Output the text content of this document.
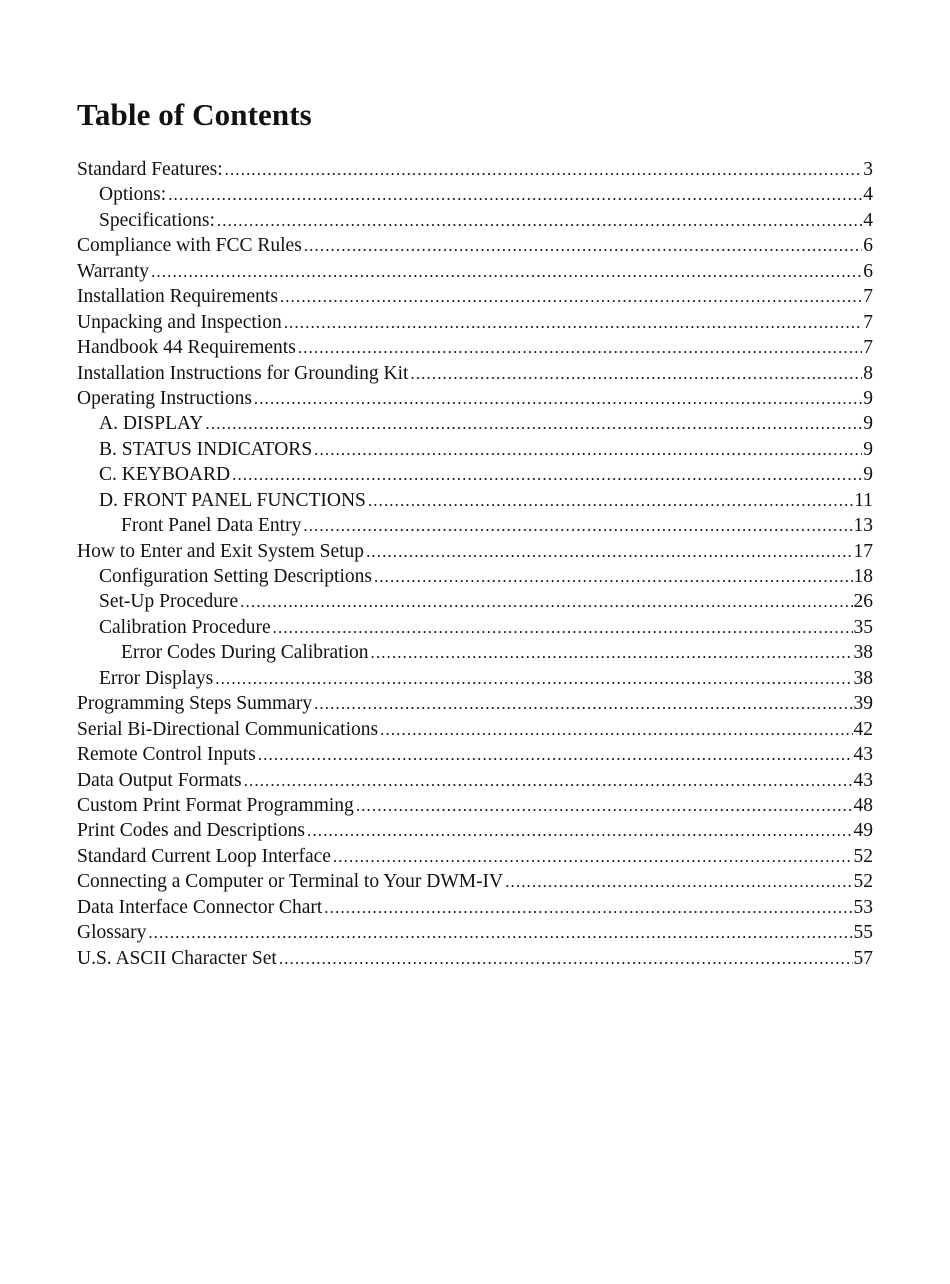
Table of Contents
Standard Features: .....	3
Options: .....	4
Specifications: .....	4
Compliance with FCC Rules .....	6
Warranty .....	6
Installation Requirements .....	7
Unpacking and Inspection .....	7
Handbook 44 Requirements .....	7
Installation Instructions for Grounding Kit .....	8
Operating Instructions .....	9
A. DISPLAY .....	9
B. STATUS INDICATORS .....	9
C. KEYBOARD .....	9
D. FRONT PANEL FUNCTIONS .....	11
Front Panel Data Entry .....	13
How to Enter and Exit System Setup .....	17
Configuration Setting Descriptions .....	18
Set-Up Procedure .....	26
Calibration Procedure .....	35
Error Codes During Calibration .....	38
Error Displays .....	38
Programming Steps Summary .....	39
Serial Bi-Directional Communications .....	42
Remote Control Inputs .....	43
Data Output Formats .....	43
Custom Print Format Programming .....	48
Print Codes and Descriptions .....	49
Standard Current Loop Interface .....	52
Connecting a Computer or Terminal to Your DWM-IV .....	52
Data Interface Connector Chart .....	53
Glossary .....	55
U.S. ASCII Character Set .....	57
